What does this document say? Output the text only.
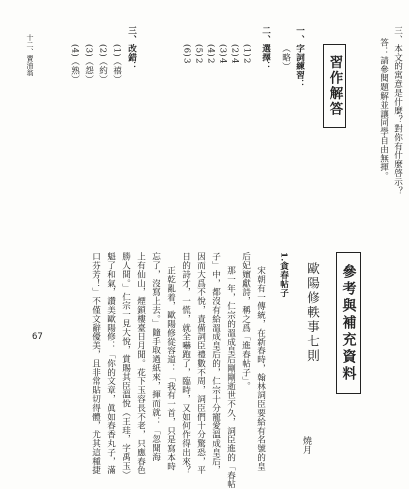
三、本文的寓意是什麼？對你有什麼啓示？
答：請參閱題解並讓同學自由無揮。
習作解答
一、字詞練習：
（略）
二、選擇：
(1)
2
(2)
4
(3)
4
(4)
2
(5)
2
(6)
3
三、改錯：
(1)（禧）
(2)（約）
(3)（怨）
(4)（熟）
十二、賣油翁
參考與補充資料
歐陽修軼事七則
燒月
1.貪春帖子
宋朝有一傳統，在新春時，翰林詞臣要給有名號的皇
后妃嬪獻詩，稱之爲「進春帖子」。
那一年，仁宗的溫成皇后剛剛逝世不久，詞臣進的「春帖
子」中，都沒有給溫成皇后的，仁宗十分寵愛溫成皇后，
因而大爲不悅，責備詞臣禮數不周，詞臣們十分驚恐，平
日的詩才，一慌，就全嚇跑了，臨時，又如何作得出來？
正乾亂着，歐陽修從容道：「我有一首，只是寫本時
忘了，沒寫上去。」隨手取過紙來，揮而就：「忽聞海
上有仙山，煙鎖樓臺日月閒。花下玉容長不老，只應春色
勝人間。」仁宗一見大悅，賞賜其臣溫悅（王珪，字禹玉）
魁了和氣，讚美歐陽修：「你的文章，眞如春香丸子，滿
口芬芳！」不僅文辭優美，且非常貼切得體，尤其這種捷
67
